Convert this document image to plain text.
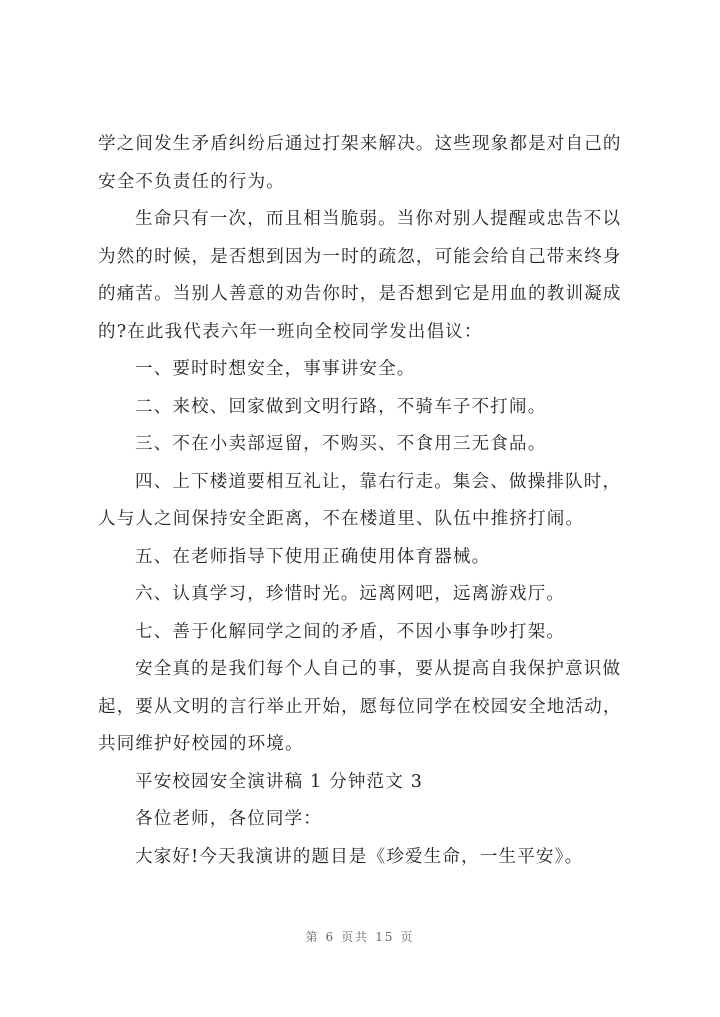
学之间发生矛盾纠纷后通过打架来解决。这些现象都是对自己的
安全不负责任的行为。
生命只有一次，而且相当脆弱。当你对别人提醒或忠告不以
为然的时候，是否想到因为一时的疏忽，可能会给自己带来终身
的痛苦。当别人善意的劝告你时，是否想到它是用血的教训凝成
的?在此我代表六年一班向全校同学发出倡议：
一、要时时想安全，事事讲安全。
二、来校、回家做到文明行路，不骑车子不打闹。
三、不在小卖部逗留，不购买、不食用三无食品。
四、上下楼道要相互礼让，靠右行走。集会、做操排队时，
人与人之间保持安全距离，不在楼道里、队伍中推挤打闹。
五、在老师指导下使用正确使用体育器械。
六、认真学习，珍惜时光。远离网吧，远离游戏厅。
七、善于化解同学之间的矛盾，不因小事争吵打架。
安全真的是我们每个人自己的事，要从提高自我保护意识做
起，要从文明的言行举止开始，愿每位同学在校园安全地活动，
共同维护好校园的环境。
平安校园安全演讲稿 1 分钟范文 3
各位老师，各位同学：
大家好!今天我演讲的题目是《珍爱生命，一生平安》。
第 6 页共 15 页
